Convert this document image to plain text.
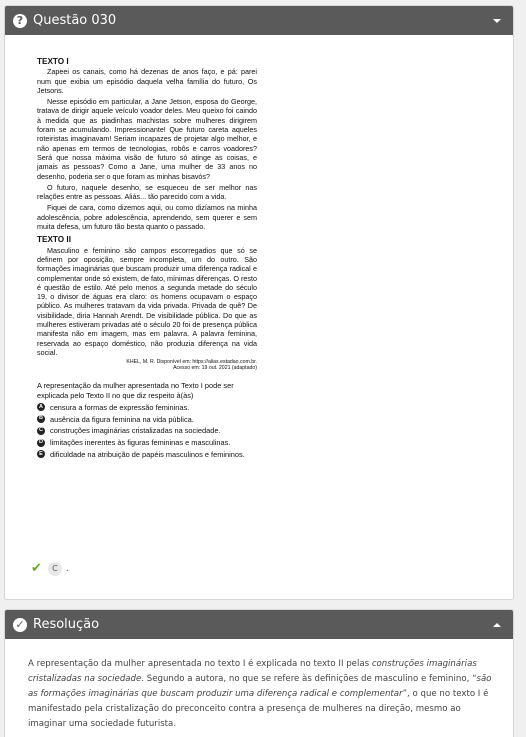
? Questão 030
TEXTO I

Zapeei os canais, como há dezenas de anos faço, e pá: parei num que exibia um episódio daquela velha família do futuro, Os Jetsons.

Nesse episódio em particular, a Jane Jetson, esposa do George, tratava de dirigir aquele veículo voador deles. Meu queixo foi caindo à medida que as piadinhas machistas sobre mulheres dirigirem foram se acumulando. Impressionante! Que futuro careta aqueles roteiristas imaginavam! Seriam incapazes de projetar algo melhor, e não apenas em termos de tecnologias, robôs e carros voadores? Será que nossa máxima visão de futuro só atinge as coisas, e jamais as pessoas? Como a Jane, uma mulher de 33 anos no desenho, poderia ser o que foram as minhas bisavós?

O futuro, naquele desenho, se esqueceu de ser melhor nas relações entre as pessoas. Aliás... tão parecido com a vida.

Fiquei de cara, como dizemos aqui, ou como dizíamos na minha adolescência, pobre adolescência, aprendendo, sem querer e sem muita defesa, um futuro tão besta quanto o passado.

TEXTO II

Masculino e feminino são campos escorregadios que só se definem por oposição, sempre incompleta, um do outro. São formações imaginárias que buscam produzir uma diferença radical e complementar onde só existem, de fato, mínimas diferenças. O resto é questão de estilo. Até pelo menos a segunda metade do século 19, o divisor de águas era claro: os homens ocupavam o espaço público. As mulheres tratavam da vida privada. Privada de quê? De visibilidade, diria Hannah Arendt. De visibilidade pública. Do que as mulheres estiveram privadas até o século 20 foi de presença pública manifesta não em imagem, mas em palavra. A palavra feminina, reservada ao espaço doméstico, não produzia diferença na vida social.

KHEL, M. R. Disponível em: https://alias.estadao.com.br.
Acesso em: 19 out. 2021 (adaptado)
A representação da mulher apresentada no Texto I pode ser explicada pelo Texto II no que diz respeito à(às)
A censura a formas de expressão femininas.
B ausência da figura feminina na vida pública.
C construções imaginárias cristalizadas na sociedade.
D limitações inerentes às figuras femininas e masculinas.
E dificuldade na atribuição de papéis masculinos e femininos.
✔	C .
✓ Resolução
A representação da mulher apresentada no texto I é explicada no texto II pelas construções imaginárias cristalizadas na sociedade. Segundo a autora, no que se refere às definições de masculino e feminino, “são as formações imaginárias que buscam produzir uma diferença radical e complementar”, o que no texto I é manifestado pela cristalização do preconceito contra a presença de mulheres na direção, mesmo ao imaginar uma sociedade futurista.
